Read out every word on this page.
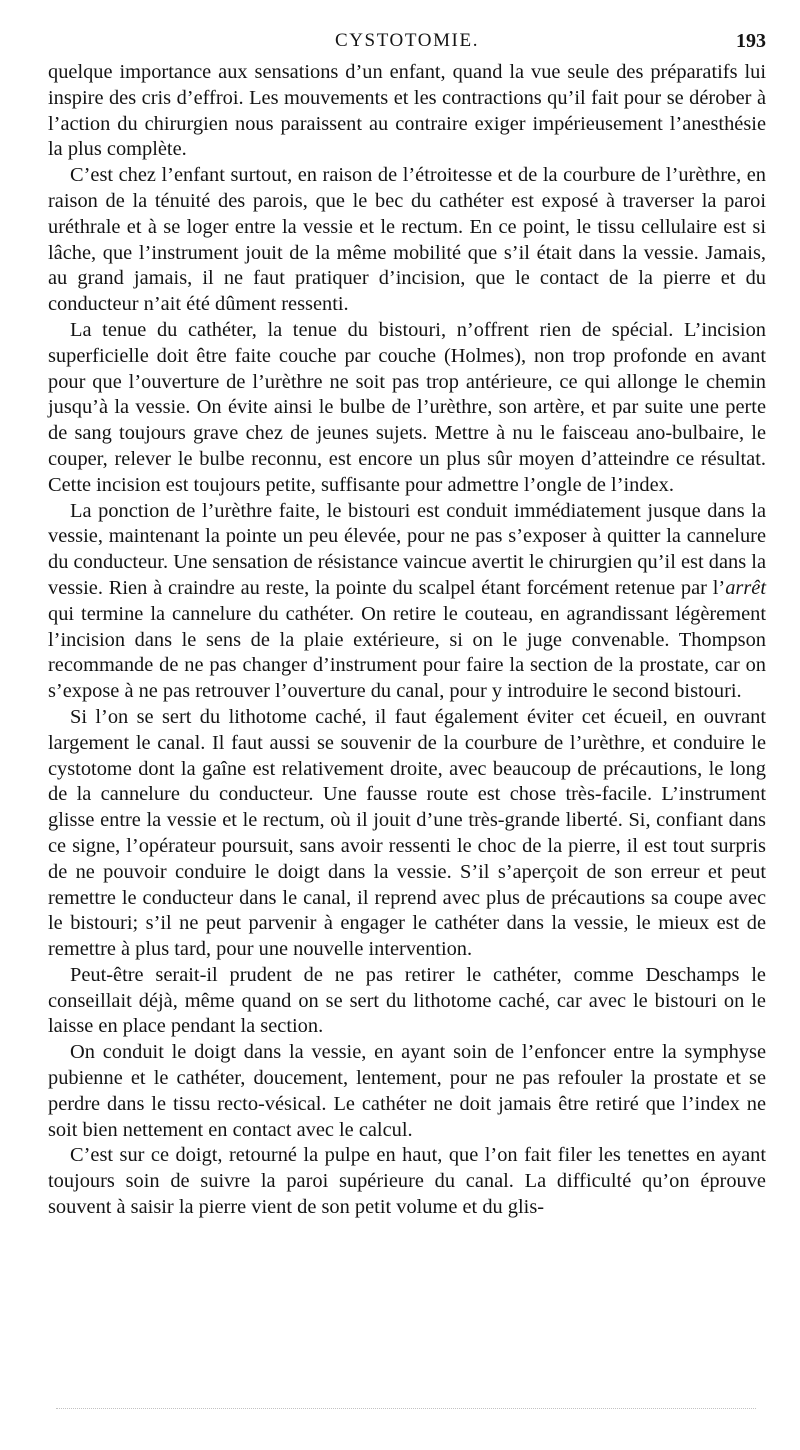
CYSTOTOMIE.	193

quelque importance aux sensations d’un enfant, quand la vue seule des préparatifs lui inspire des cris d’effroi. Les mouvements et les contractions qu’il fait pour se dérober à l’action du chirurgien nous paraissent au contraire exiger impérieusement l’anesthésie la plus complète.

C’est chez l’enfant surtout, en raison de l’étroitesse et de la courbure de l’urèthre, en raison de la ténuité des parois, que le bec du cathéter est exposé à traverser la paroi uréthrale et à se loger entre la vessie et le rectum. En ce point, le tissu cellulaire est si lâche, que l’instrument jouit de la même mobilité que s’il était dans la vessie. Jamais, au grand jamais, il ne faut pratiquer d’incision, que le contact de la pierre et du conducteur n’ait été dûment ressenti.

La tenue du cathéter, la tenue du bistouri, n’offrent rien de spécial. L’incision superficielle doit être faite couche par couche (Holmes), non trop profonde en avant pour que l’ouverture de l’urèthre ne soit pas trop antérieure, ce qui allonge le chemin jusqu’à la vessie. On évite ainsi le bulbe de l’urèthre, son artère, et par suite une perte de sang toujours grave chez de jeunes sujets. Mettre à nu le faisceau ano-bulbaire, le couper, relever le bulbe reconnu, est encore un plus sûr moyen d’atteindre ce résultat. Cette incision est toujours petite, suffisante pour admettre l’ongle de l’index.

La ponction de l’urèthre faite, le bistouri est conduit immédiatement jusque dans la vessie, maintenant la pointe un peu élevée, pour ne pas s’exposer à quitter la cannelure du conducteur. Une sensation de résistance vaincue avertit le chirurgien qu’il est dans la vessie. Rien à craindre au reste, la pointe du scalpel étant forcément retenue par l’arrêt qui termine la cannelure du cathéter. On retire le couteau, en agrandissant légèrement l’incision dans le sens de la plaie extérieure, si on le juge convenable. Thompson recommande de ne pas changer d’instrument pour faire la section de la prostate, car on s’expose à ne pas retrouver l’ouverture du canal, pour y introduire le second bistouri.

Si l’on se sert du lithotome caché, il faut également éviter cet écueil, en ouvrant largement le canal. Il faut aussi se souvenir de la courbure de l’urèthre, et conduire le cystotome dont la gaîne est relativement droite, avec beaucoup de précautions, le long de la cannelure du conducteur. Une fausse route est chose très-facile. L’instrument glisse entre la vessie et le rectum, où il jouit d’une très-grande liberté. Si, confiant dans ce signe, l’opérateur poursuit, sans avoir ressenti le choc de la pierre, il est tout surpris de ne pouvoir conduire le doigt dans la vessie. S’il s’aperçoit de son erreur et peut remettre le conducteur dans le canal, il reprend avec plus de précautions sa coupe avec le bistouri; s’il ne peut parvenir à engager le cathéter dans la vessie, le mieux est de remettre à plus tard, pour une nouvelle intervention.

Peut-être serait-il prudent de ne pas retirer le cathéter, comme Deschamps le conseillait déjà, même quand on se sert du lithotome caché, car avec le bistouri on le laisse en place pendant la section.

On conduit le doigt dans la vessie, en ayant soin de l’enfoncer entre la symphyse pubienne et le cathéter, doucement, lentement, pour ne pas refouler la prostate et se perdre dans le tissu recto-vésical. Le cathéter ne doit jamais être retiré que l’index ne soit bien nettement en contact avec le calcul.

C’est sur ce doigt, retourné la pulpe en haut, que l’on fait filer les tenettes en ayant toujours soin de suivre la paroi supérieure du canal. La difficulté qu’on éprouve souvent à saisir la pierre vient de son petit volume et du glis-
